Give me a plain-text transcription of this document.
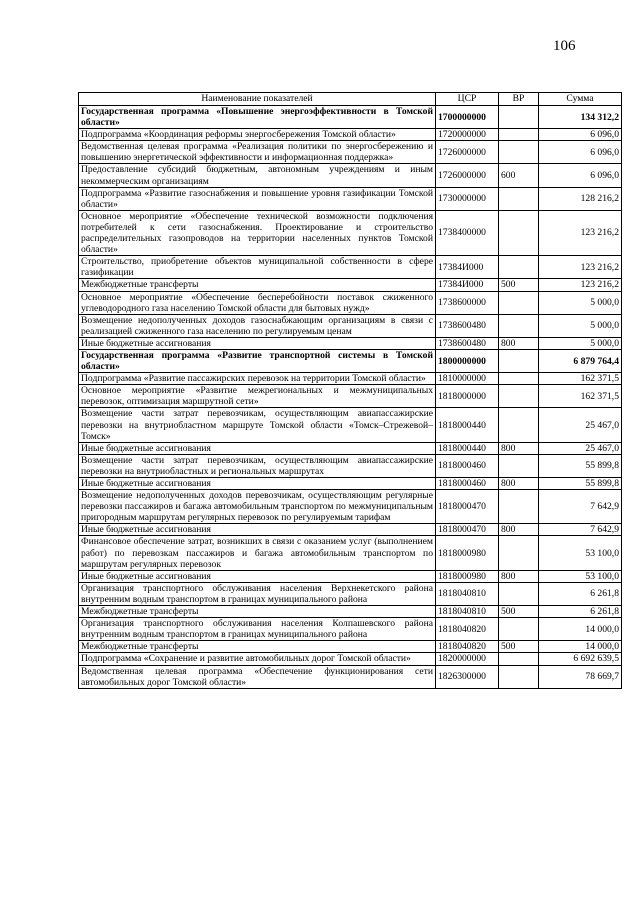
106
Наименование показателей	ЦСР	ВР	Сумма
Государственная программа «Повышение энергоэффективности в Томской области»	1700000000		134 312,2
Подпрограмма «Координация реформы энергосбережения Томской области»	1720000000		6 096,0
Ведомственная целевая программа «Реализация политики по энергосбережению и повышению энергетической эффективности и информационная поддержка»	1726000000		6 096,0
Предоставление субсидий бюджетным, автономным учреждениям и иным некоммерческим организациям	1726000000	600	6 096,0
Подпрограмма «Развитие газоснабжения и повышение уровня газификации Томской области»	1730000000		128 216,2
Основное мероприятие «Обеспечение технической возможности подключения потребителей к сети газоснабжения. Проектирование и строительство распределительных газопроводов на территории населенных пунктов Томской области»	1738400000		123 216,2
Строительство, приобретение объектов муниципальной собственности в сфере газификации	17384И000		123 216,2
Межбюджетные трансферты	17384И000	500	123 216,2
Основное мероприятие «Обеспечение бесперебойности поставок сжиженного углеводородного газа населению Томской области для бытовых нужд»	1738600000		5 000,0
Возмещение недополученных доходов газоснабжающим организациям в связи с реализацией сжиженного газа населению по регулируемым ценам	1738600480		5 000,0
Иные бюджетные ассигнования	1738600480	800	5 000,0
Государственная программа «Развитие транспортной системы в Томской области»	1800000000		6 879 764,4
Подпрограмма «Развитие пассажирских перевозок на территории Томской области»	1810000000		162 371,5
Основное мероприятие «Развитие межрегиональных и межмуниципальных перевозок, оптимизация маршрутной сети»	1818000000		162 371,5
Возмещение части затрат перевозчикам, осуществляющим авиапассажирские перевозки на внутриобластном маршруте Томской области «Томск–Стрежевой–Томск»	1818000440		25 467,0
Иные бюджетные ассигнования	1818000440	800	25 467,0
Возмещение части затрат перевозчикам, осуществляющим авиапассажирские перевозки на внутриобластных и региональных маршрутах	1818000460		55 899,8
Иные бюджетные ассигнования	1818000460	800	55 899,8
Возмещение недополученных доходов перевозчикам, осуществляющим регулярные перевозки пассажиров и багажа автомобильным транспортом по межмуниципальным пригородным маршрутам регулярных перевозок по регулируемым тарифам	1818000470		7 642,9
Иные бюджетные ассигнования	1818000470	800	7 642,9
Финансовое обеспечение затрат, возникших в связи с оказанием услуг (выполнением работ) по перевозкам пассажиров и багажа автомобильным транспортом по маршрутам регулярных перевозок	1818000980		53 100,0
Иные бюджетные ассигнования	1818000980	800	53 100,0
Организация транспортного обслуживания населения Верхнекетского района внутренним водным транспортом в границах муниципального района	1818040810		6 261,8
Межбюджетные трансферты	1818040810	500	6 261,8
Организация транспортного обслуживания населения Колпашевского района внутренним водным транспортом в границах муниципального района	1818040820		14 000,0
Межбюджетные трансферты	1818040820	500	14 000,0
Подпрограмма «Сохранение и развитие автомобильных дорог Томской области»	1820000000		6 692 639,5
Ведомственная целевая программа «Обеспечение функционирования сети автомобильных дорог Томской области»	1826300000		78 669,7
